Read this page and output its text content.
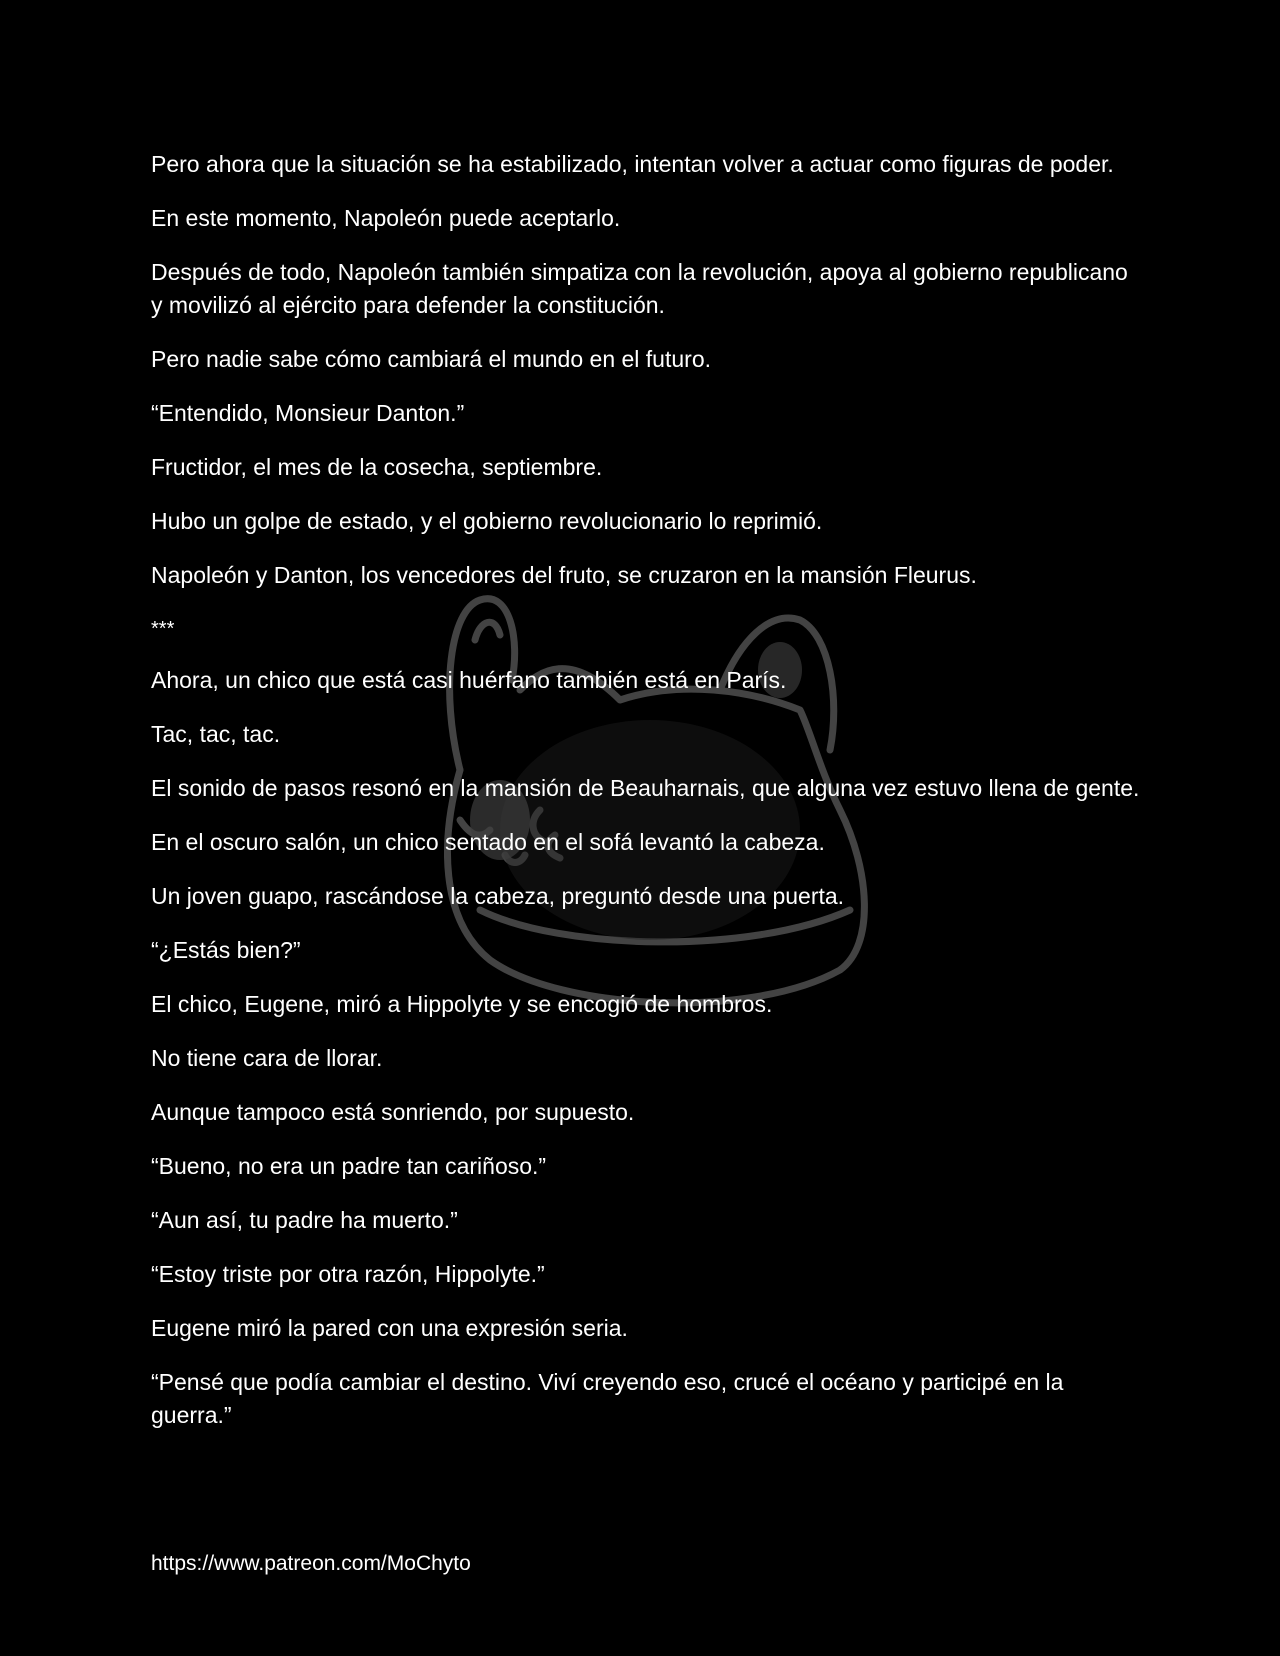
Pero ahora que la situación se ha estabilizado, intentan volver a actuar como figuras de poder.

En este momento, Napoleón puede aceptarlo.

Después de todo, Napoleón también simpatiza con la revolución, apoya al gobierno republicano y movilizó al ejército para defender la constitución.

Pero nadie sabe cómo cambiará el mundo en el futuro.

“Entendido, Monsieur Danton.”

Fructidor, el mes de la cosecha, septiembre.

Hubo un golpe de estado, y el gobierno revolucionario lo reprimió.

Napoleón y Danton, los vencedores del fruto, se cruzaron en la mansión Fleurus.

***

Ahora, un chico que está casi huérfano también está en París.

Tac, tac, tac.

El sonido de pasos resonó en la mansión de Beauharnais, que alguna vez estuvo llena de gente.

En el oscuro salón, un chico sentado en el sofá levantó la cabeza.

Un joven guapo, rascándose la cabeza, preguntó desde una puerta.

“¿Estás bien?”

El chico, Eugene, miró a Hippolyte y se encogió de hombros.

No tiene cara de llorar.

Aunque tampoco está sonriendo, por supuesto.

“Bueno, no era un padre tan cariñoso.”

“Aun así, tu padre ha muerto.”

“Estoy triste por otra razón, Hippolyte.”

Eugene miró la pared con una expresión seria.

“Pensé que podía cambiar el destino. Viví creyendo eso, crucé el océano y participé en la guerra.”

https://www.patreon.com/MoChyto
